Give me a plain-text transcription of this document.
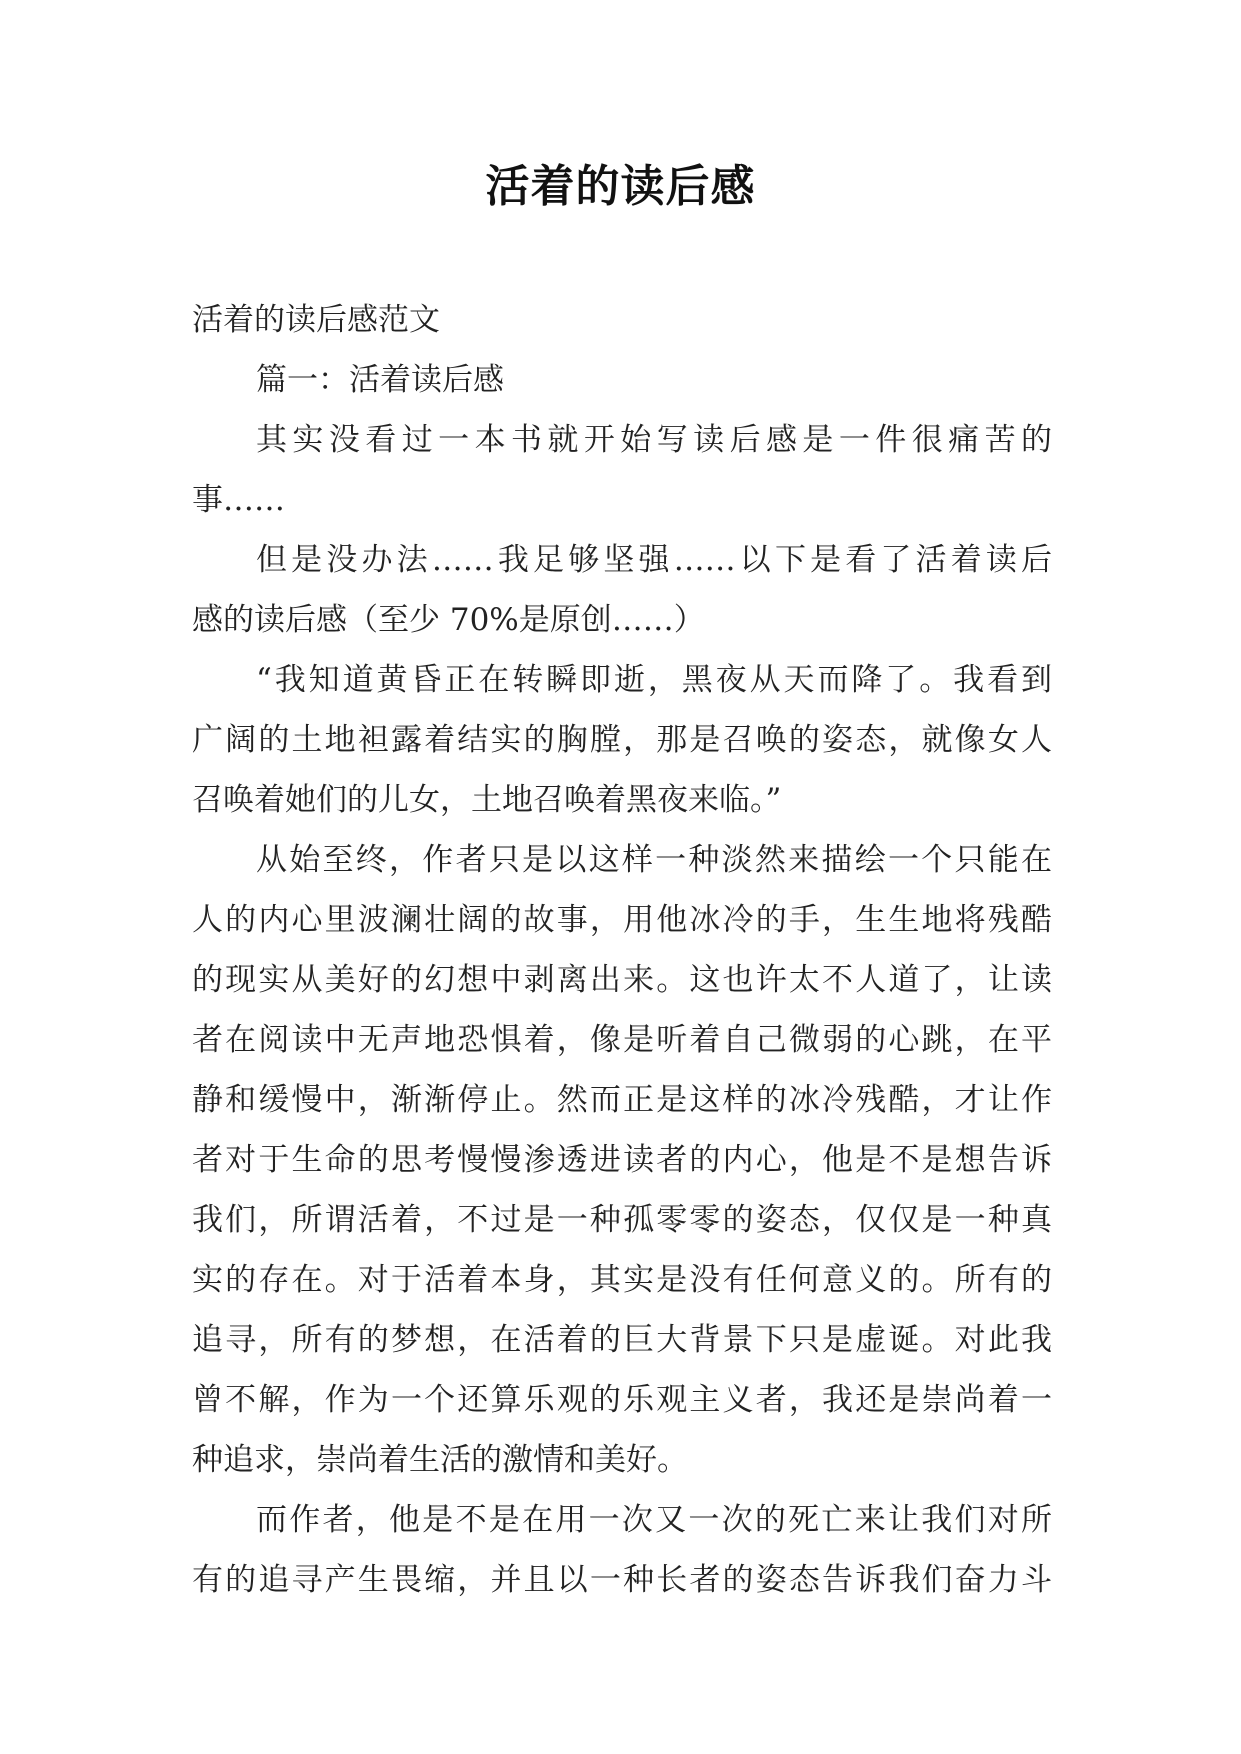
活着的读后感
活着的读后感范文
篇一：活着读后感
其实没看过一本书就开始写读后感是一件很痛苦的
事……
但是没办法……我足够坚强……以下是看了活着读后
感的读后感（至少 70%是原创……）
“我知道黄昏正在转瞬即逝，黑夜从天而降了。我看到
广阔的土地袒露着结实的胸膛，那是召唤的姿态，就像女人
召唤着她们的儿女，土地召唤着黑夜来临。”
从始至终，作者只是以这样一种淡然来描绘一个只能在
人的内心里波澜壮阔的故事，用他冰冷的手，生生地将残酷
的现实从美好的幻想中剥离出来。这也许太不人道了，让读
者在阅读中无声地恐惧着，像是听着自己微弱的心跳，在平
静和缓慢中，渐渐停止。然而正是这样的冰冷残酷，才让作
者对于生命的思考慢慢渗透进读者的内心，他是不是想告诉
我们，所谓活着，不过是一种孤零零的姿态，仅仅是一种真
实的存在。对于活着本身，其实是没有任何意义的。所有的
追寻，所有的梦想，在活着的巨大背景下只是虚诞。对此我
曾不解，作为一个还算乐观的乐观主义者，我还是崇尚着一
种追求，崇尚着生活的激情和美好。
而作者，他是不是在用一次又一次的死亡来让我们对所
有的追寻产生畏缩，并且以一种长者的姿态告诉我们奋力斗
